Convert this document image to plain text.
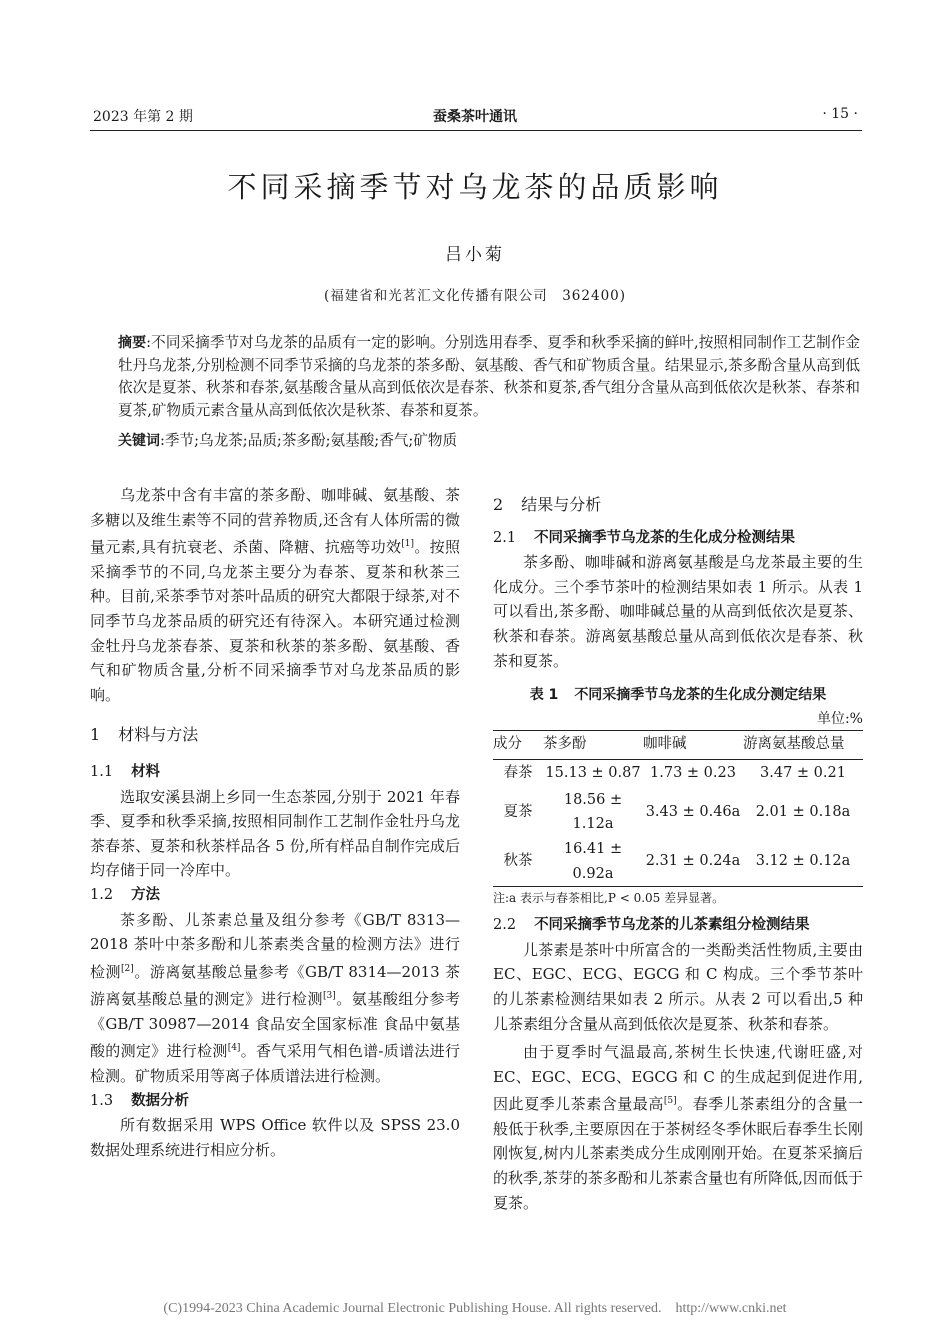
2023 年第 2 期	蚕桑茶叶通讯	· 15 ·
不同采摘季节对乌龙茶的品质影响
吕小菊
(福建省和光茗汇文化传播有限公司　362400)
摘要:不同采摘季节对乌龙茶的品质有一定的影响。分别选用春季、夏季和秋季采摘的鲜叶,按照相同制作工艺制作金牡丹乌龙茶,分别检测不同季节采摘的乌龙茶的茶多酚、氨基酸、香气和矿物质含量。结果显示,茶多酚含量从高到低依次是夏茶、秋茶和春茶,氨基酸含量从高到低依次是春茶、秋茶和夏茶,香气组分含量从高到低依次是秋茶、春茶和夏茶,矿物质元素含量从高到低依次是秋茶、春茶和夏茶。
关键词:季节;乌龙茶;品质;茶多酚;氨基酸;香气;矿物质

乌龙茶中含有丰富的茶多酚、咖啡碱、氨基酸、茶多糖以及维生素等不同的营养物质,还含有人体所需的微量元素,具有抗衰老、杀菌、降糖、抗癌等功效[1]。按照采摘季节的不同,乌龙茶主要分为春茶、夏茶和秋茶三种。目前,采茶季节对茶叶品质的研究大都限于绿茶,对不同季节乌龙茶品质的研究还有待深入。本研究通过检测金牡丹乌龙茶春茶、夏茶和秋茶的茶多酚、氨基酸、香气和矿物质含量,分析不同采摘季节对乌龙茶品质的影响。

1 材料与方法
1.1 材料

选取安溪县湖上乡同一生态茶园,分别于 2021 年春季、夏季和秋季采摘,按照相同制作工艺制作金牡丹乌龙茶春茶、夏茶和秋茶样品各 5 份,所有样品自制作完成后均存储于同一冷库中。

1.2 方法

茶多酚、儿茶素总量及组分参考《GB/T 8313—2018 茶叶中茶多酚和儿茶素类含量的检测方法》进行检测[2]。游离氨基酸总量参考《GB/T 8314—2013 茶游离氨基酸总量的测定》进行检测[3]。氨基酸组分参考《GB/T 30987—2014 食品安全国家标准 食品中氨基酸的测定》进行检测[4]。香气采用气相色谱-质谱法进行检测。矿物质采用等离子体质谱法进行检测。

1.3 数据分析

所有数据采用 WPS Office 软件以及 SPSS 23.0 数据处理系统进行相应分析。

2 结果与分析
2.1 不同采摘季节乌龙茶的生化成分检测结果

茶多酚、咖啡碱和游离氨基酸是乌龙茶最主要的生化成分。三个季节茶叶的检测结果如表 1 所示。从表 1 可以看出,茶多酚、咖啡碱总量的从高到低依次是夏茶、秋茶和春茶。游离氨基酸总量从高到低依次是春茶、秋茶和夏茶。

表 1 不同采摘季节乌龙茶的生化成分测定结果
单位:%
成分	茶多酚	咖啡碱	游离氨基酸总量
春茶	15.13 ± 0.87	1.73 ± 0.23	3.47 ± 0.21
夏茶	18.56 ± 1.12a	3.43 ± 0.46a	2.01 ± 0.18a
秋茶	16.41 ± 0.92a	2.31 ± 0.24a	3.12 ± 0.12a
注:a 表示与春茶相比,P < 0.05 差异显著。
2.2 不同采摘季节乌龙茶的儿茶素组分检测结果

儿茶素是茶叶中所富含的一类酚类活性物质,主要由 EC、EGC、ECG、EGCG 和 C 构成。三个季节茶叶的儿茶素检测结果如表 2 所示。从表 2 可以看出,5 种儿茶素组分含量从高到低依次是夏茶、秋茶和春茶。

由于夏季时气温最高,茶树生长快速,代谢旺盛,对 EC、EGC、ECG、EGCG 和 C 的生成起到促进作用,因此夏季儿茶素含量最高[5]。春季儿茶素组分的含量一般低于秋季,主要原因在于茶树经冬季休眠后春季生长刚刚恢复,树内儿茶素类成分生成刚刚开始。在夏茶采摘后的秋季,茶芽的茶多酚和儿茶素含量也有所降低,因而低于夏茶。

(C)1994-2023 China Academic Journal Electronic Publishing House. All rights reserved.　http://www.cnki.net
